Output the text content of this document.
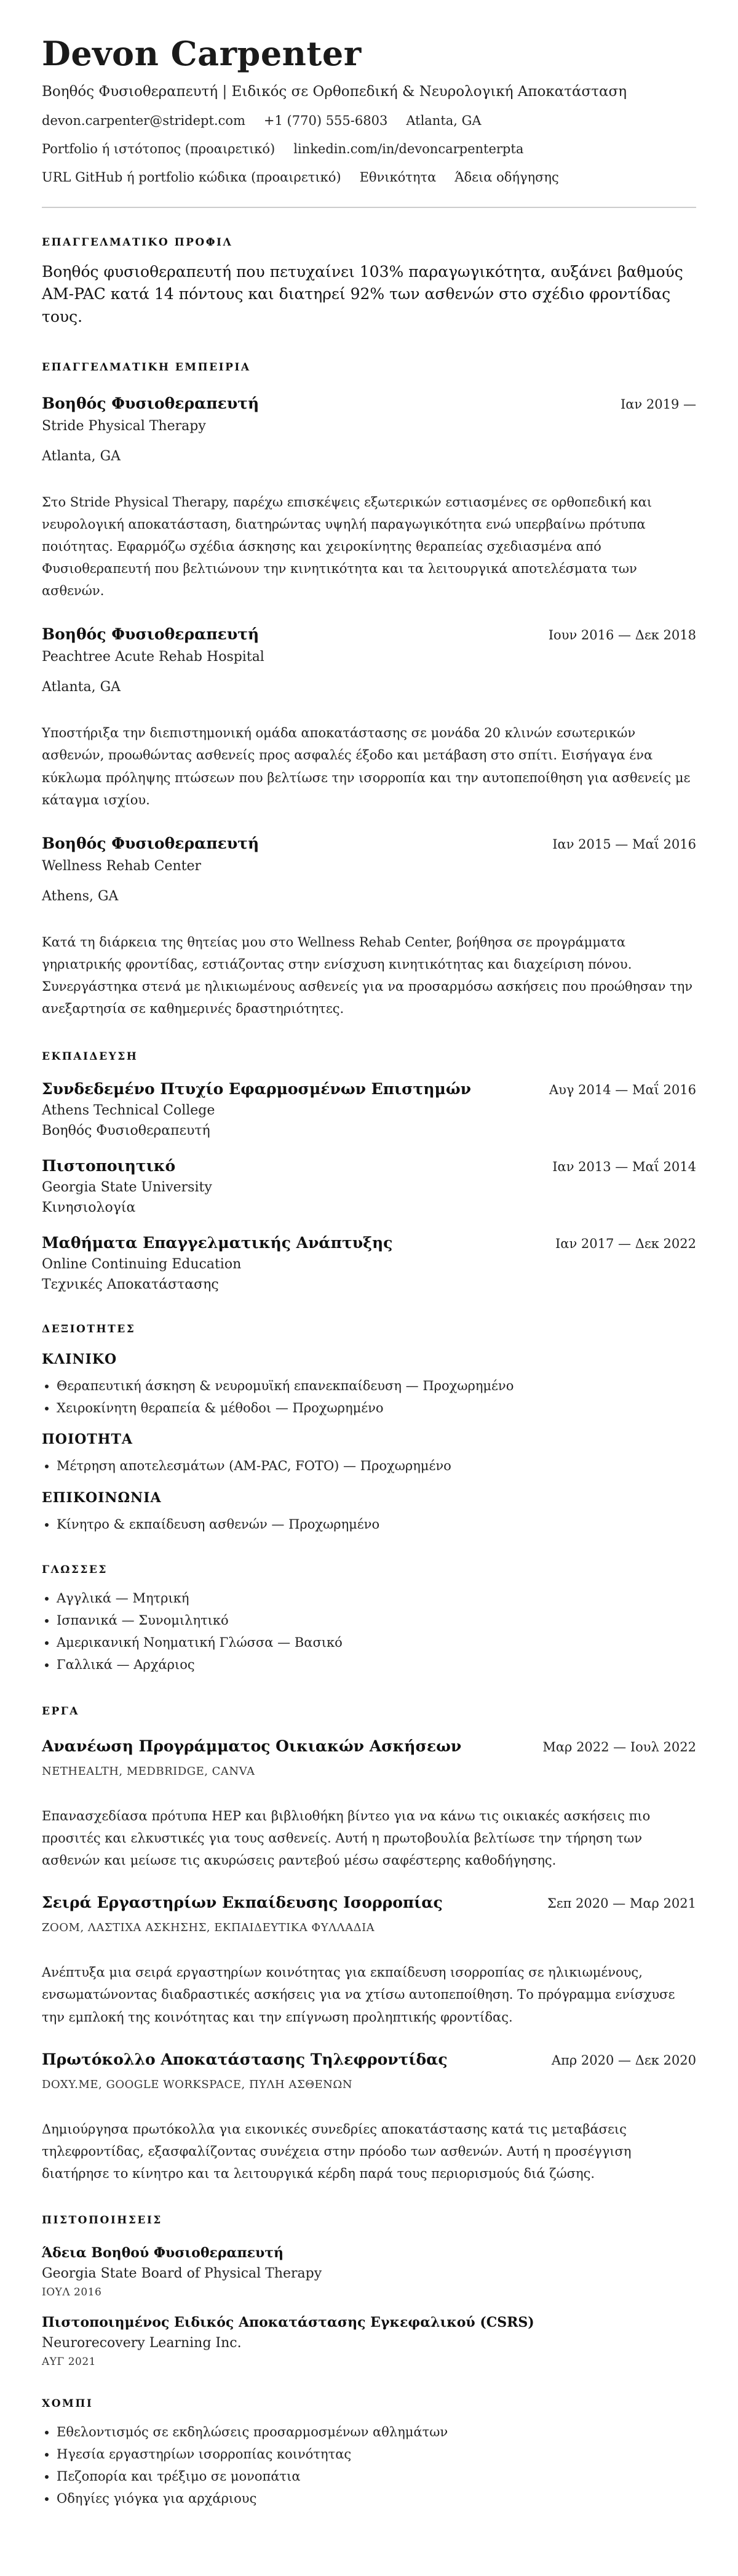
Devon Carpenter
Βοηθός Φυσιοθεραπευτή | Ειδικός σε Ορθοπεδική & Νευρολογική Αποκατάσταση
devon.carpenter@stridept.com +1 (770) 555-6803 Atlanta, GA
Portfolio ή ιστότοπος (προαιρετικό) linkedin.com/in/devoncarpenterpta
URL GitHub ή portfolio κώδικα (προαιρετικό) Εθνικότητα Άδεια οδήγησης
ΕΠΑΓΓΕΛΜΑΤΙΚΟ ΠΡΟΦΙΛ
Βοηθός φυσιοθεραπευτή που πετυχαίνει 103% παραγωγικότητα, αυξάνει βαθμούς AM-PAC κατά 14 πόντους και διατηρεί 92% των ασθενών στο σχέδιο φροντίδας τους.
ΕΠΑΓΓΕΛΜΑΤΙΚΗ ΕΜΠΕΙΡΙΑ
Βοηθός Φυσιοθεραπευτή	Ιαν 2019 —
Stride Physical Therapy
Atlanta, GA
Στο Stride Physical Therapy, παρέχω επισκέψεις εξωτερικών εστιασμένες σε ορθοπεδική και νευρολογική αποκατάσταση, διατηρώντας υψηλή παραγωγικότητα ενώ υπερβαίνω πρότυπα ποιότητας. Εφαρμόζω σχέδια άσκησης και χειροκίνητης θεραπείας σχεδιασμένα από Φυσιοθεραπευτή που βελτιώνουν την κινητικότητα και τα λειτουργικά αποτελέσματα των ασθενών.
Βοηθός Φυσιοθεραπευτή	Ιουν 2016 — Δεκ 2018
Peachtree Acute Rehab Hospital
Atlanta, GA
Υποστήριξα την διεπιστημονική ομάδα αποκατάστασης σε μονάδα 20 κλινών εσωτερικών ασθενών, προωθώντας ασθενείς προς ασφαλές έξοδο και μετάβαση στο σπίτι. Εισήγαγα ένα κύκλωμα πρόληψης πτώσεων που βελτίωσε την ισορροπία και την αυτοπεποίθηση για ασθενείς με κάταγμα ισχίου.
Βοηθός Φυσιοθεραπευτή	Ιαν 2015 — Μαΐ 2016
Wellness Rehab Center
Athens, GA
Κατά τη διάρκεια της θητείας μου στο Wellness Rehab Center, βοήθησα σε προγράμματα γηριατρικής φροντίδας, εστιάζοντας στην ενίσχυση κινητικότητας και διαχείριση πόνου. Συνεργάστηκα στενά με ηλικιωμένους ασθενείς για να προσαρμόσω ασκήσεις που προώθησαν την ανεξαρτησία σε καθημερινές δραστηριότητες.
ΕΚΠΑΙΔΕΥΣΗ
Συνδεδεμένο Πτυχίο Εφαρμοσμένων Επιστημών	Αυγ 2014 — Μαΐ 2016
Athens Technical College
Βοηθός Φυσιοθεραπευτή
Πιστοποιητικό	Ιαν 2013 — Μαΐ 2014
Georgia State University
Κινησιολογία
Μαθήματα Επαγγελματικής Ανάπτυξης	Ιαν 2017 — Δεκ 2022
Online Continuing Education
Τεχνικές Αποκατάστασης
ΔΕΞΙΟΤΗΤΕΣ
ΚΛΙΝΙΚΟ
• Θεραπευτική άσκηση & νευρομυϊκή επανεκπαίδευση — Προχωρημένο
• Χειροκίνητη θεραπεία & μέθοδοι — Προχωρημένο
ΠΟΙΟΤΗΤΑ
• Μέτρηση αποτελεσμάτων (AM-PAC, FOTO) — Προχωρημένο
ΕΠΙΚΟΙΝΩΝΙΑ
• Κίνητρο & εκπαίδευση ασθενών — Προχωρημένο
ΓΛΩΣΣΕΣ
• Αγγλικά — Μητρική
• Ισπανικά — Συνομιλητικό
• Αμερικανική Νοηματική Γλώσσα — Βασικό
• Γαλλικά — Αρχάριος
ΕΡΓΑ
Ανανέωση Προγράμματος Οικιακών Ασκήσεων	Μαρ 2022 — Ιουλ 2022
NETHEALTH, MEDBRIDGE, CANVA
Επανασχεδίασα πρότυπα HEP και βιβλιοθήκη βίντεο για να κάνω τις οικιακές ασκήσεις πιο προσιτές και ελκυστικές για τους ασθενείς. Αυτή η πρωτοβουλία βελτίωσε την τήρηση των ασθενών και μείωσε τις ακυρώσεις ραντεβού μέσω σαφέστερης καθοδήγησης.
Σειρά Εργαστηρίων Εκπαίδευσης Ισορροπίας	Σεπ 2020 — Μαρ 2021
ZOOM, ΛΑΣΤΙΧΑ ΑΣΚΗΣΗΣ, ΕΚΠΑΙΔΕΥΤΙΚΑ ΦΥΛΛΑΔΙΑ
Ανέπτυξα μια σειρά εργαστηρίων κοινότητας για εκπαίδευση ισορροπίας σε ηλικιωμένους, ενσωματώνοντας διαδραστικές ασκήσεις για να χτίσω αυτοπεποίθηση. Το πρόγραμμα ενίσχυσε την εμπλοκή της κοινότητας και την επίγνωση προληπτικής φροντίδας.
Πρωτόκολλο Αποκατάστασης Τηλεφροντίδας	Απρ 2020 — Δεκ 2020
DOXY.ME, GOOGLE WORKSPACE, ΠΥΛΗ ΑΣΘΕΝΩΝ
Δημιούργησα πρωτόκολλα για εικονικές συνεδρίες αποκατάστασης κατά τις μεταβάσεις τηλεφροντίδας, εξασφαλίζοντας συνέχεια στην πρόοδο των ασθενών. Αυτή η προσέγγιση διατήρησε το κίνητρο και τα λειτουργικά κέρδη παρά τους περιορισμούς διά ζώσης.
ΠΙΣΤΟΠΟΙΗΣΕΙΣ
Άδεια Βοηθού Φυσιοθεραπευτή
Georgia State Board of Physical Therapy
ΙΟΥΛ 2016
Πιστοποιημένος Ειδικός Αποκατάστασης Εγκεφαλικού (CSRS)
Neurorecovery Learning Inc.
ΑΥΓ 2021
ΧΟΜΠΙ
• Εθελοντισμός σε εκδηλώσεις προσαρμοσμένων αθλημάτων
• Ηγεσία εργαστηρίων ισορροπίας κοινότητας
• Πεζοπορία και τρέξιμο σε μονοπάτια
• Οδηγίες γιόγκα για αρχάριους
